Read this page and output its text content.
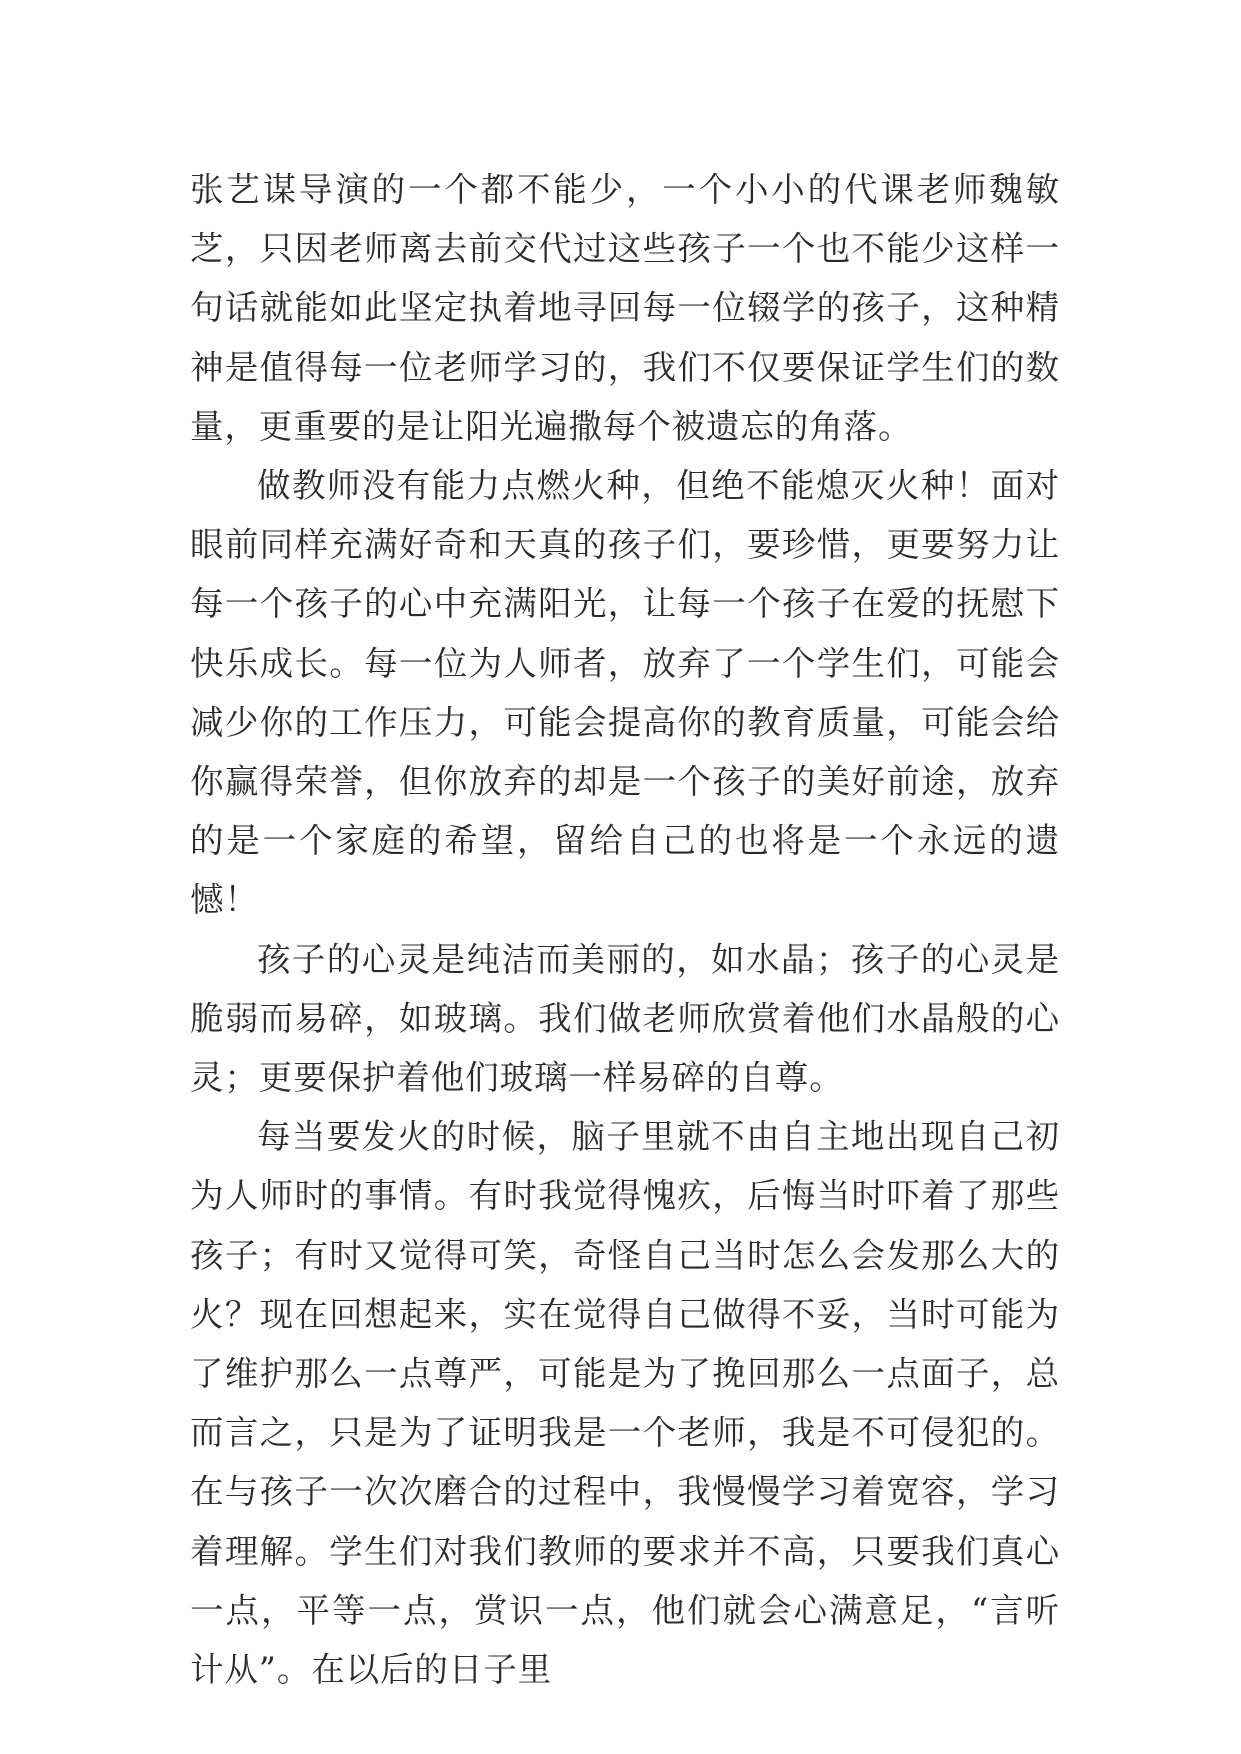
张艺谋导演的一个都不能少，一个小小的代课老师魏敏芝，只因老师离去前交代过这些孩子一个也不能少这样一句话就能如此坚定执着地寻回每一位辍学的孩子，这种精神是值得每一位老师学习的，我们不仅要保证学生们的数量，更重要的是让阳光遍撒每个被遗忘的角落。

做教师没有能力点燃火种，但绝不能熄灭火种！面对眼前同样充满好奇和天真的孩子们，要珍惜，更要努力让每一个孩子的心中充满阳光，让每一个孩子在爱的抚慰下快乐成长。每一位为人师者，放弃了一个学生们，可能会减少你的工作压力，可能会提高你的教育质量，可能会给你赢得荣誉，但你放弃的却是一个孩子的美好前途，放弃的是一个家庭的希望，留给自己的也将是一个永远的遗憾！

孩子的心灵是纯洁而美丽的，如水晶；孩子的心灵是脆弱而易碎，如玻璃。我们做老师欣赏着他们水晶般的心灵；更要保护着他们玻璃一样易碎的自尊。

每当要发火的时候，脑子里就不由自主地出现自己初为人师时的事情。有时我觉得愧疚，后悔当时吓着了那些孩子；有时又觉得可笑，奇怪自己当时怎么会发那么大的火？现在回想起来，实在觉得自己做得不妥，当时可能为了维护那么一点尊严，可能是为了挽回那么一点面子，总而言之，只是为了证明我是一个老师，我是不可侵犯的。在与孩子一次次磨合的过程中，我慢慢学习着宽容，学习着理解。学生们对我们教师的要求并不高，只要我们真心一点，平等一点，赏识一点，他们就会心满意足，“言听计从”。在以后的日子里
